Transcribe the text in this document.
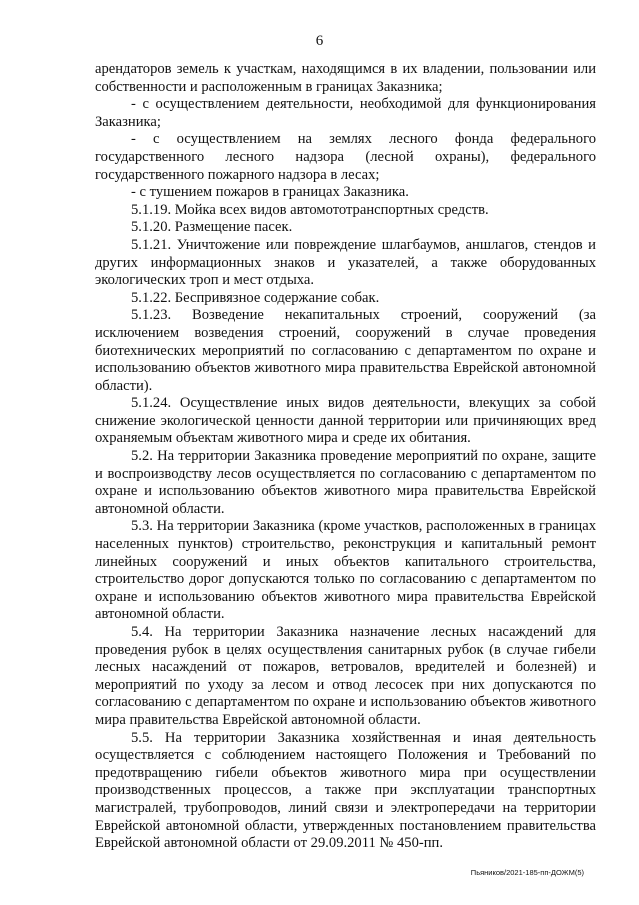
6

арендаторов земель к участкам, находящимся в их владении, пользовании или собственности и расположенным в границах Заказника;

- с осуществлением деятельности, необходимой для функционирования Заказника;

- с осуществлением на землях лесного фонда федерального государственного лесного надзора (лесной охраны), федерального государственного пожарного надзора в лесах;

- с тушением пожаров в границах Заказника.

5.1.19. Мойка всех видов автомототранспортных средств.

5.1.20. Размещение пасек.

5.1.21. Уничтожение или повреждение шлагбаумов, аншлагов, стендов и других информационных знаков и указателей, а также оборудованных экологических троп и мест отдыха.

5.1.22. Беспривязное содержание собак.

5.1.23. Возведение некапитальных строений, сооружений (за исключением возведения строений, сооружений в случае проведения биотехнических мероприятий по согласованию с департаментом по охране и использованию объектов животного мира правительства Еврейской автономной области).

5.1.24. Осуществление иных видов деятельности, влекущих за собой снижение экологической ценности данной территории или причиняющих вред охраняемым объектам животного мира и среде их обитания.

5.2. На территории Заказника проведение мероприятий по охране, защите и воспроизводству лесов осуществляется по согласованию с департаментом по охране и использованию объектов животного мира правительства Еврейской автономной области.

5.3. На территории Заказника (кроме участков, расположенных в границах населенных пунктов) строительство, реконструкция и капитальный ремонт линейных сооружений и иных объектов капитального строительства, строительство дорог допускаются только по согласованию с департаментом по охране и использованию объектов животного мира правительства Еврейской автономной области.

5.4. На территории Заказника назначение лесных насаждений для проведения рубок в целях осуществления санитарных рубок (в случае гибели лесных насаждений от пожаров, ветровалов, вредителей и болезней) и мероприятий по уходу за лесом и отвод лесосек при них допускаются по согласованию с департаментом по охране и использованию объектов животного мира правительства Еврейской автономной области.

5.5. На территории Заказника хозяйственная и иная деятельность осуществляется с соблюдением настоящего Положения и Требований по предотвращению гибели объектов животного мира при осуществлении производственных процессов, а также при эксплуатации транспортных магистралей, трубопроводов, линий связи и электропередачи на территории Еврейской автономной области, утвержденных постановлением правительства Еврейской автономной области от 29.09.2011 № 450-пп.

Пьяников/2021-185-пп-ДОЖМ(5)
